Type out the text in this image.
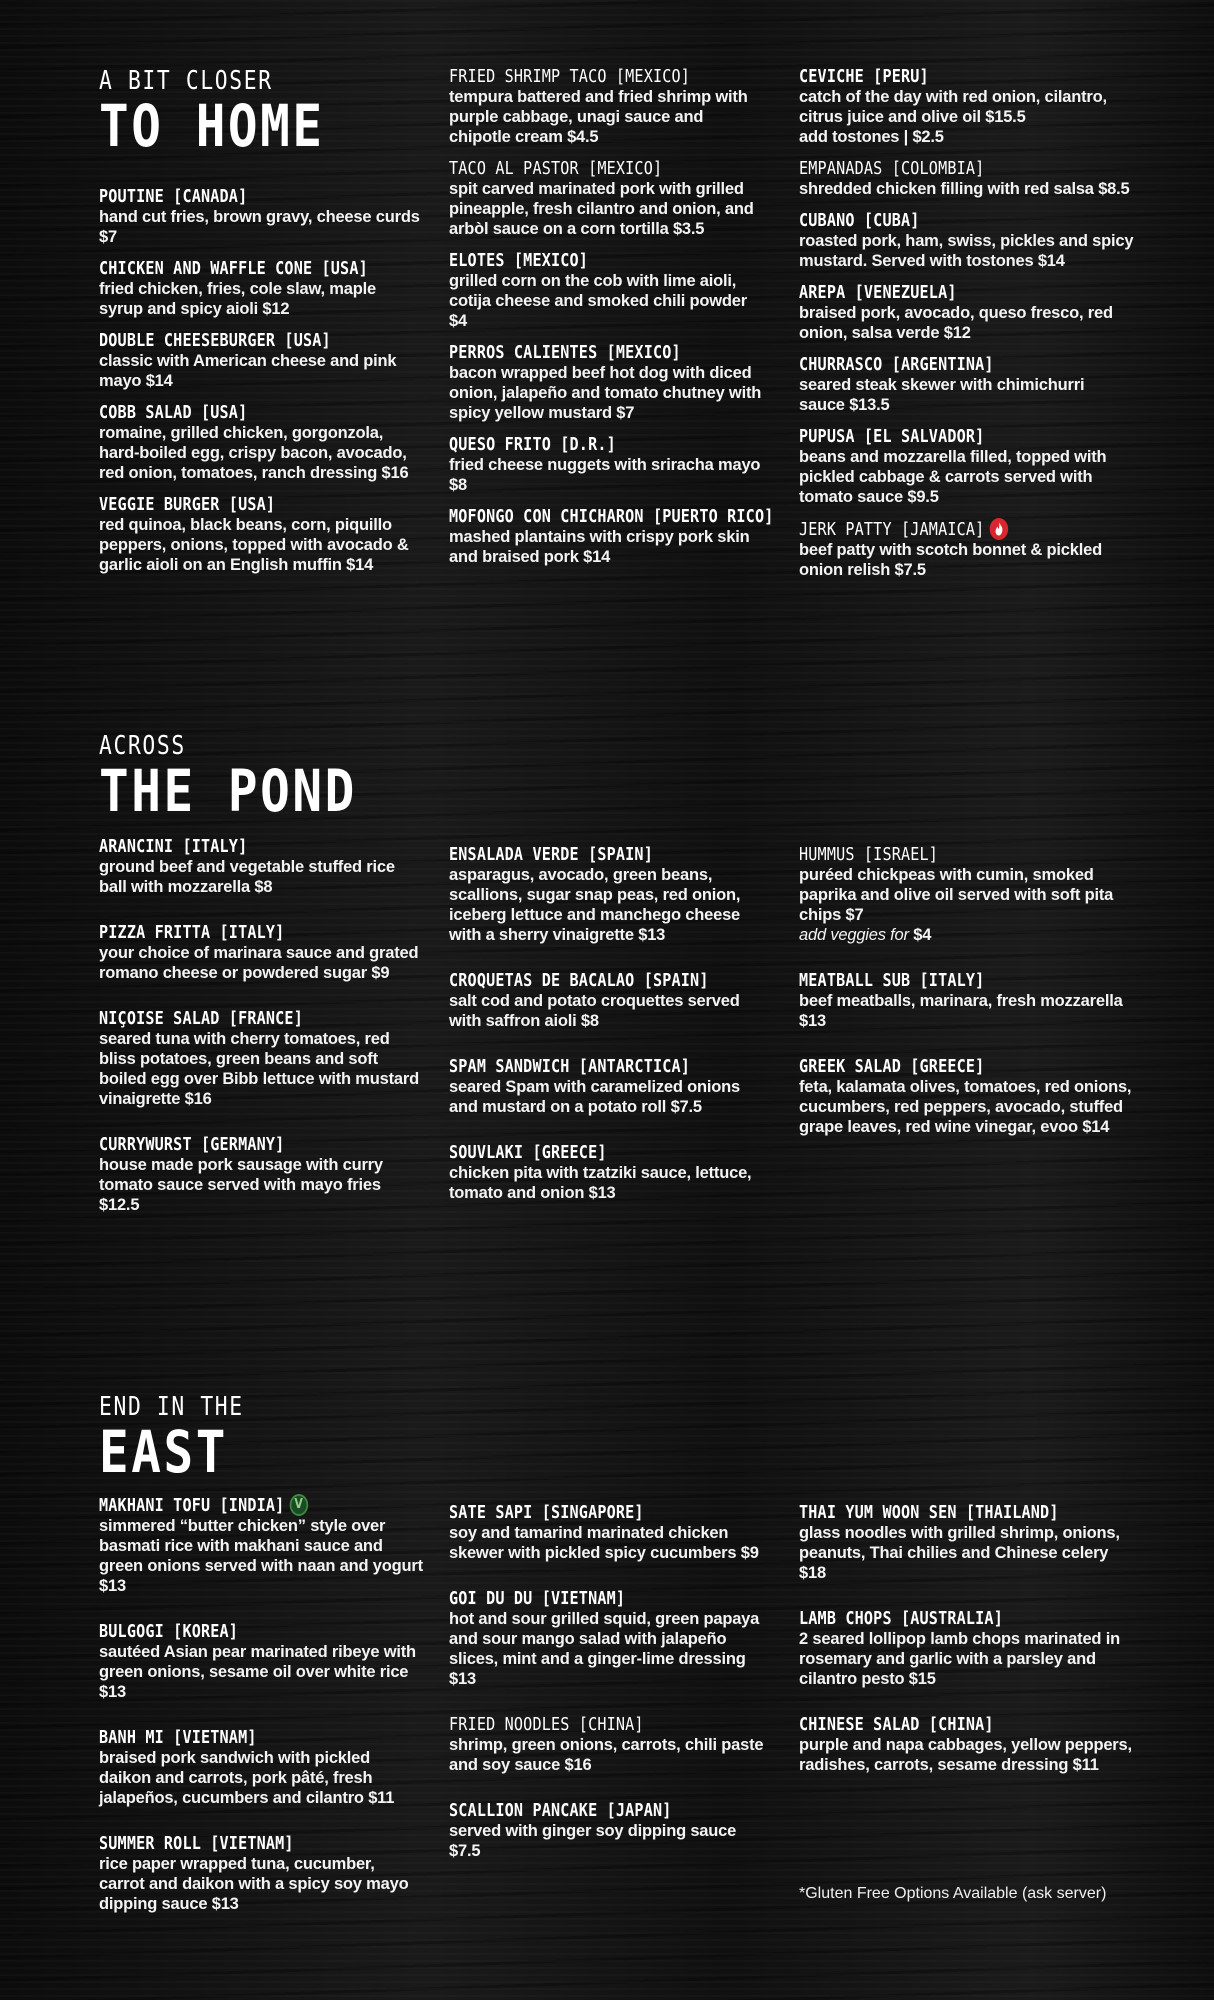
A BIT CLOSER
TO HOME
POUTINE [CANADA]
hand cut fries, brown gravy, cheese curds $7
CHICKEN AND WAFFLE CONE [USA]
fried chicken, fries, cole slaw, maple syrup and spicy aioli $12
DOUBLE CHEESEBURGER [USA]
classic with American cheese and pink mayo $14
COBB SALAD [USA]
romaine, grilled chicken, gorgonzola, hard-boiled egg, crispy bacon, avocado, red onion, tomatoes, ranch dressing $16
VEGGIE BURGER [USA]
red quinoa, black beans, corn, piquillo peppers, onions, topped with avocado & garlic aioli on an English muffin $14
FRIED SHRIMP TACO [MEXICO]
tempura battered and fried shrimp with purple cabbage, unagi sauce and chipotle cream $4.5
TACO AL PASTOR [MEXICO]
spit carved marinated pork with grilled pineapple, fresh cilantro and onion, and arbòl sauce on a corn tortilla $3.5
ELOTES [MEXICO]
grilled corn on the cob with lime aioli, cotija cheese and smoked chili powder $4
PERROS CALIENTES [MEXICO]
bacon wrapped beef hot dog with diced onion, jalapeño and tomato chutney with spicy yellow mustard $7
QUESO FRITO [D.R.]
fried cheese nuggets with sriracha mayo $8
MOFONGO CON CHICHARON [PUERTO RICO]
mashed plantains with crispy pork skin and braised pork $14
CEVICHE [PERU]
catch of the day with red onion, cilantro, citrus juice and olive oil $15.5
add tostones | $2.5
EMPANADAS [COLOMBIA]
shredded chicken filling with red salsa $8.5
CUBANO [CUBA]
roasted pork, ham, swiss, pickles and spicy mustard. Served with tostones $14
AREPA [VENEZUELA]
braised pork, avocado, queso fresco, red onion, salsa verde $12
CHURRASCO [ARGENTINA]
seared steak skewer with chimichurri sauce $13.5
PUPUSA [EL SALVADOR]
beans and mozzarella filled, topped with pickled cabbage & carrots served with tomato sauce $9.5
JERK PATTY [JAMAICA]
beef patty with scotch bonnet & pickled onion relish $7.5
ACROSS
THE POND
ARANCINI [ITALY]
ground beef and vegetable stuffed rice ball with mozzarella $8
PIZZA FRITTA [ITALY]
your choice of marinara sauce and grated romano cheese or powdered sugar $9
NIÇOISE SALAD [FRANCE]
seared tuna with cherry tomatoes, red bliss potatoes, green beans and soft boiled egg over Bibb lettuce with mustard vinaigrette $16
CURRYWURST [GERMANY]
house made pork sausage with curry tomato sauce served with mayo fries $12.5
ENSALADA VERDE [SPAIN]
asparagus, avocado, green beans, scallions, sugar snap peas, red onion, iceberg lettuce and manchego cheese with a sherry vinaigrette $13
CROQUETAS DE BACALAO [SPAIN]
salt cod and potato croquettes served with saffron aioli $8
SPAM SANDWICH [ANTARCTICA]
seared Spam with caramelized onions and mustard on a potato roll $7.5
SOUVLAKI [GREECE]
chicken pita with tzatziki sauce, lettuce, tomato and onion $13
HUMMUS [ISRAEL]
puréed chickpeas with cumin, smoked paprika and olive oil served with soft pita chips $7
add veggies for $4
MEATBALL SUB [ITALY]
beef meatballs, marinara, fresh mozzarella $13
GREEK SALAD [GREECE]
feta, kalamata olives, tomatoes, red onions, cucumbers, red peppers, avocado, stuffed grape leaves, red wine vinegar, evoo $14
END IN THE
EAST
MAKHANI TOFU [INDIA] V
simmered “butter chicken” style over basmati rice with makhani sauce and green onions served with naan and yogurt $13
BULGOGI [KOREA]
sautéed Asian pear marinated ribeye with green onions, sesame oil over white rice $13
BANH MI [VIETNAM]
braised pork sandwich with pickled daikon and carrots, pork pâté, fresh jalapeños, cucumbers and cilantro $11
SUMMER ROLL [VIETNAM]
rice paper wrapped tuna, cucumber, carrot and daikon with a spicy soy mayo dipping sauce $13
SATE SAPI [SINGAPORE]
soy and tamarind marinated chicken skewer with pickled spicy cucumbers $9
GOI DU DU [VIETNAM]
hot and sour grilled squid, green papaya and sour mango salad with jalapeño slices, mint and a ginger-lime dressing $13
FRIED NOODLES [CHINA]
shrimp, green onions, carrots, chili paste and soy sauce $16
SCALLION PANCAKE [JAPAN]
served with ginger soy dipping sauce $7.5
THAI YUM WOON SEN [THAILAND]
glass noodles with grilled shrimp, onions, peanuts, Thai chilies and Chinese celery $18
LAMB CHOPS [AUSTRALIA]
2 seared lollipop lamb chops marinated in rosemary and garlic with a parsley and cilantro pesto $15
CHINESE SALAD [CHINA]
purple and napa cabbages, yellow peppers, radishes, carrots, sesame dressing $11
*Gluten Free Options Available (ask server)
